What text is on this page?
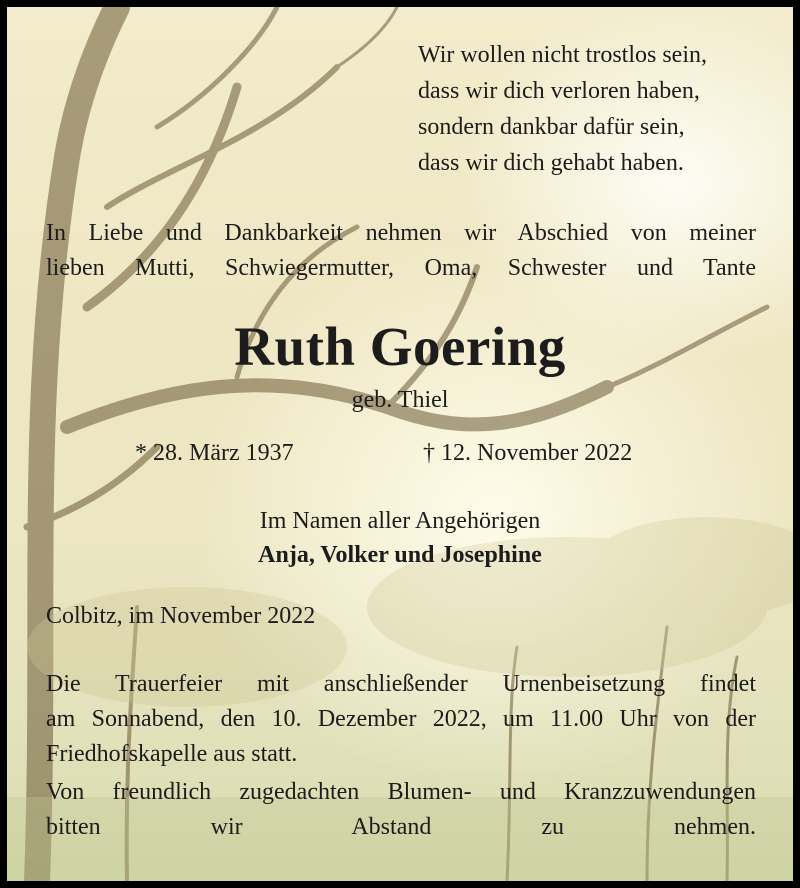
Wir wollen nicht trostlos sein,
dass wir dich verloren haben,
sondern dankbar dafür sein,
dass wir dich gehabt haben.
In Liebe und Dankbarkeit nehmen wir Abschied von meiner
lieben Mutti, Schwiegermutter, Oma, Schwester und Tante
Ruth Goering
geb. Thiel
* 28. März 1937	† 12. November 2022
Im Namen aller Angehörigen
Anja, Volker und Josephine
Colbitz, im November 2022
Die Trauerfeier mit anschließender Urnenbeisetzung findet
am Sonnabend, den 10. Dezember 2022, um 11.00 Uhr von der
Friedhofskapelle aus statt.
Von freundlich zugedachten Blumen- und Kranzzuwendungen
bitten wir Abstand zu nehmen.
